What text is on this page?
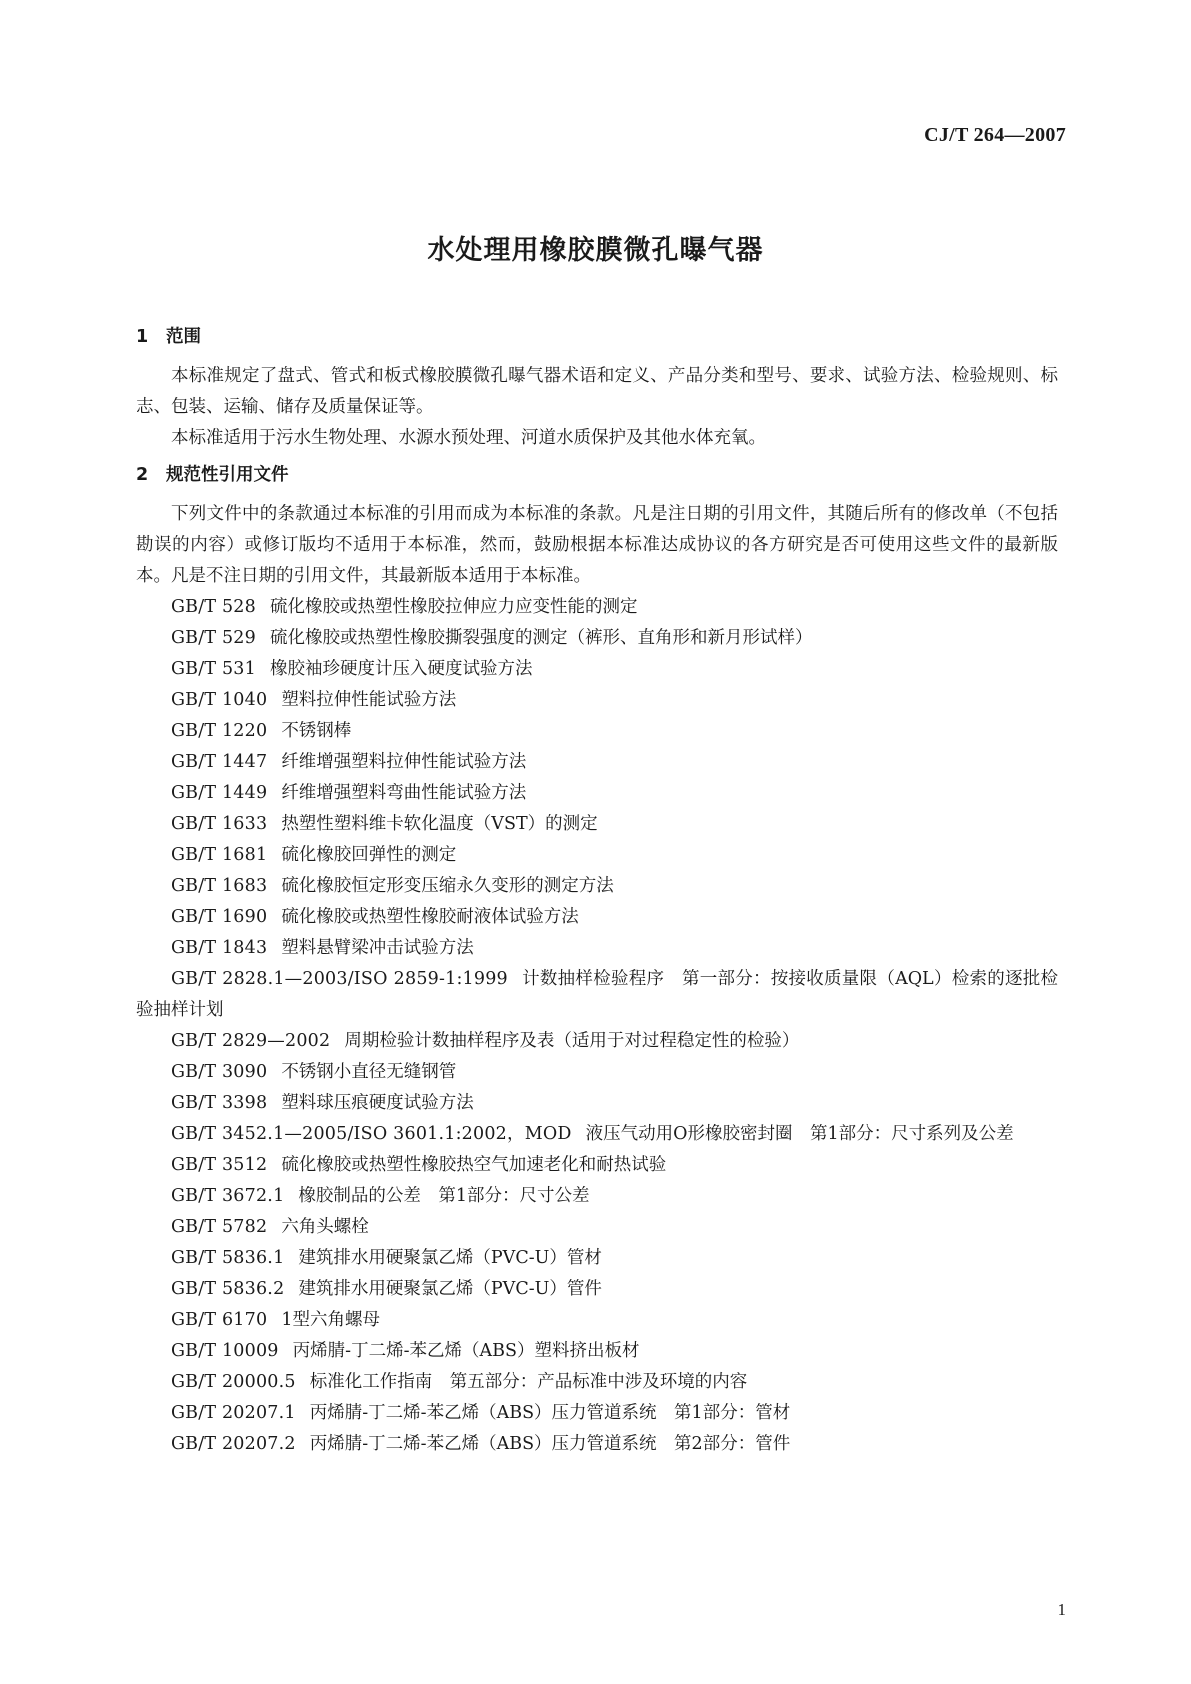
CJ/T 264—2007
水处理用橡胶膜微孔曝气器
1 范围

本标准规定了盘式、管式和板式橡胶膜微孔曝气器术语和定义、产品分类和型号、要求、试验方法、检验规则、标志、包装、运输、储存及质量保证等。

本标准适用于污水生物处理、水源水预处理、河道水质保护及其他水体充氧。

2 规范性引用文件

下列文件中的条款通过本标准的引用而成为本标准的条款。凡是注日期的引用文件，其随后所有的修改单（不包括勘误的内容）或修订版均不适用于本标准，然而，鼓励根据本标准达成协议的各方研究是否可使用这些文件的最新版本。凡是不注日期的引用文件，其最新版本适用于本标准。

GB/T 528 硫化橡胶或热塑性橡胶拉伸应力应变性能的测定
GB/T 529 硫化橡胶或热塑性橡胶撕裂强度的测定（裤形、直角形和新月形试样）
GB/T 531 橡胶袖珍硬度计压入硬度试验方法
GB/T 1040 塑料拉伸性能试验方法
GB/T 1220 不锈钢棒
GB/T 1447 纤维增强塑料拉伸性能试验方法
GB/T 1449 纤维增强塑料弯曲性能试验方法
GB/T 1633 热塑性塑料维卡软化温度（VST）的测定
GB/T 1681 硫化橡胶回弹性的测定
GB/T 1683 硫化橡胶恒定形变压缩永久变形的测定方法
GB/T 1690 硫化橡胶或热塑性橡胶耐液体试验方法
GB/T 1843 塑料悬臂梁冲击试验方法
GB/T 2828.1—2003/ISO 2859-1:1999 计数抽样检验程序　第一部分：按接收质量限（AQL）检索的逐批检验抽样计划
GB/T 2829—2002 周期检验计数抽样程序及表（适用于对过程稳定性的检验）
GB/T 3090 不锈钢小直径无缝钢管
GB/T 3398 塑料球压痕硬度试验方法
GB/T 3452.1—2005/ISO 3601.1:2002，MOD 液压气动用O形橡胶密封圈　第1部分：尺寸系列及公差
GB/T 3512 硫化橡胶或热塑性橡胶热空气加速老化和耐热试验
GB/T 3672.1 橡胶制品的公差　第1部分：尺寸公差
GB/T 5782 六角头螺栓
GB/T 5836.1 建筑排水用硬聚氯乙烯（PVC-U）管材
GB/T 5836.2 建筑排水用硬聚氯乙烯（PVC-U）管件
GB/T 6170 1型六角螺母
GB/T 10009 丙烯腈-丁二烯-苯乙烯（ABS）塑料挤出板材
GB/T 20000.5 标准化工作指南　第五部分：产品标准中涉及环境的内容
GB/T 20207.1 丙烯腈-丁二烯-苯乙烯（ABS）压力管道系统　第1部分：管材
GB/T 20207.2 丙烯腈-丁二烯-苯乙烯（ABS）压力管道系统　第2部分：管件
1
